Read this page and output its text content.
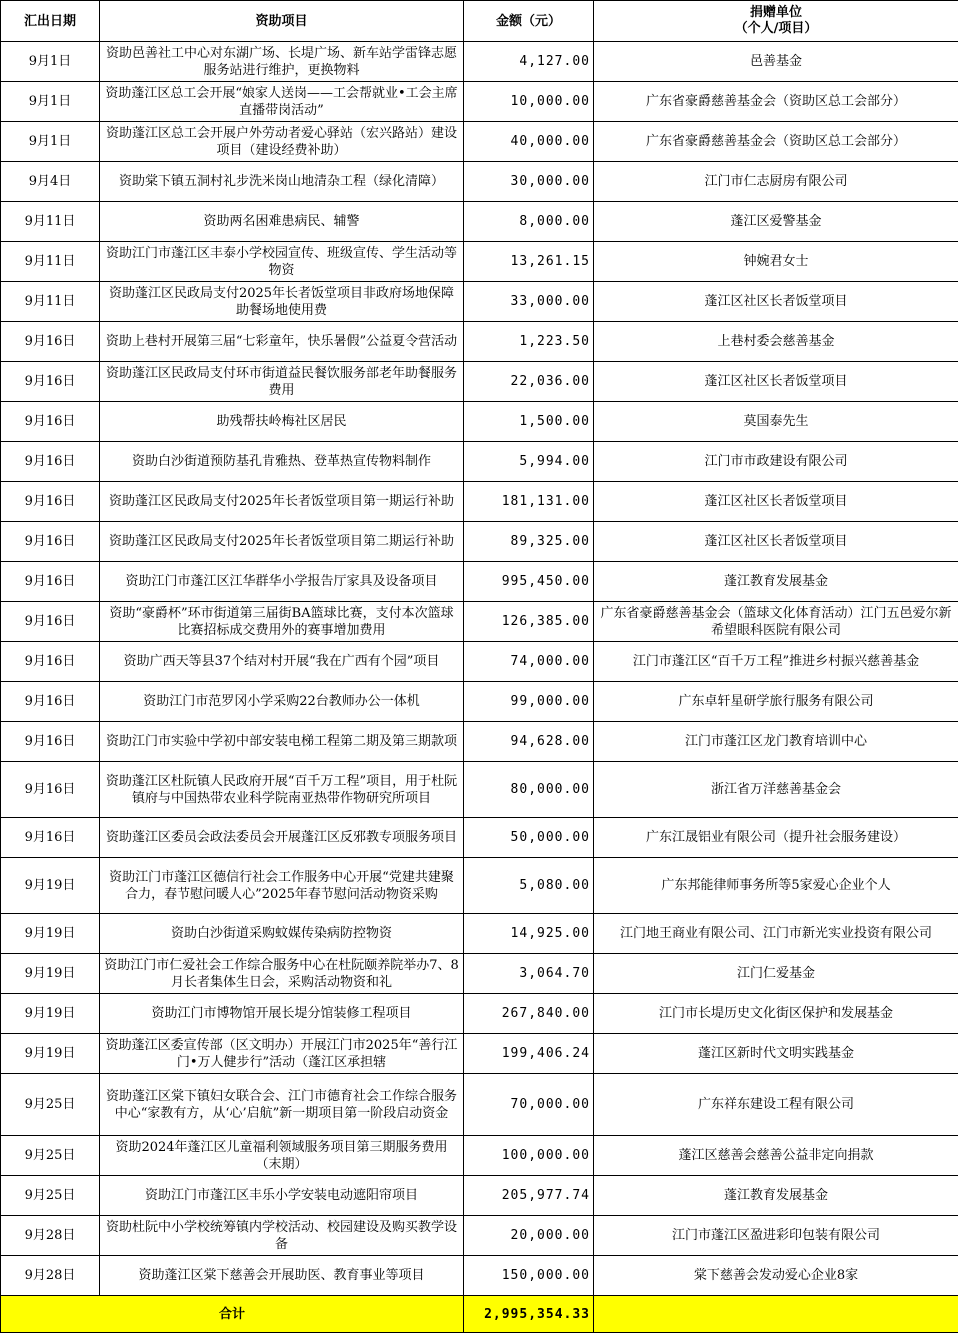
汇出日期	资助项目	金额（元）	捐赠单位
（个人/项目）

9月1日	资助邑善社工中心对东湖广场、长堤广场、新车站学雷锋志愿服务站进行维护，更换物料	4,127.00	邑善基金
9月1日	资助蓬江区总工会开展“娘家人送岗——工会帮就业•工会主席直播带岗活动”	10,000.00	广东省豪爵慈善基金会（资助区总工会部分）
9月1日	资助蓬江区总工会开展户外劳动者爱心驿站（宏兴路站）建设项目（建设经费补助）	40,000.00	广东省豪爵慈善基金会（资助区总工会部分）
9月4日	资助棠下镇五洞村礼步洗米岗山地清杂工程（绿化清障）	30,000.00	江门市仁志厨房有限公司
9月11日	资助两名困难患病民、辅警	8,000.00	蓬江区爱警基金
9月11日	资助江门市蓬江区丰泰小学校园宣传、班级宣传、学生活动等物资	13,261.15	钟婉君女士
9月11日	资助蓬江区民政局支付2025年长者饭堂项目非政府场地保障助餐场地使用费	33,000.00	蓬江区社区长者饭堂项目
9月16日	资助上巷村开展第三届“七彩童年，快乐暑假”公益夏令营活动	1,223.50	上巷村委会慈善基金
9月16日	资助蓬江区民政局支付环市街道益民餐饮服务部老年助餐服务费用	22,036.00	蓬江区社区长者饭堂项目
9月16日	助残帮扶岭梅社区居民	1,500.00	莫国泰先生
9月16日	资助白沙街道预防基孔肯雅热、登革热宣传物料制作	5,994.00	江门市市政建设有限公司
9月16日	资助蓬江区民政局支付2025年长者饭堂项目第一期运行补助	181,131.00	蓬江区社区长者饭堂项目
9月16日	资助蓬江区民政局支付2025年长者饭堂项目第二期运行补助	89,325.00	蓬江区社区长者饭堂项目
9月16日	资助江门市蓬江区江华群华小学报告厅家具及设备项目	995,450.00	蓬江教育发展基金
9月16日	资助“豪爵杯”环市街道第三届街BA篮球比赛，支付本次篮球比赛招标成交费用外的赛事增加费用	126,385.00	广东省豪爵慈善基金会（篮球文化体育活动）江门五邑爱尔新希望眼科医院有限公司
9月16日	资助广西天等县37个结对村开展“我在广西有个园”项目	74,000.00	江门市蓬江区“百千万工程”推进乡村振兴慈善基金
9月16日	资助江门市范罗冈小学采购22台教师办公一体机	99,000.00	广东卓轩星研学旅行服务有限公司
9月16日	资助江门市实验中学初中部安装电梯工程第二期及第三期款项	94,628.00	江门市蓬江区龙门教育培训中心
9月16日	资助蓬江区杜阮镇人民政府开展“百千万工程”项目，用于杜阮镇府与中国热带农业科学院南亚热带作物研究所项目	80,000.00	浙江省万洋慈善基金会
9月16日	资助蓬江区委员会政法委员会开展蓬江区反邪教专项服务项目	50,000.00	广东江晟铝业有限公司（提升社会服务建设）
9月19日	资助江门市蓬江区德信行社会工作服务中心开展“党建共建聚合力，春节慰问暖人心”2025年春节慰问活动物资采购	5,080.00	广东邦能律师事务所等5家爱心企业个人
9月19日	资助白沙街道采购蚊媒传染病防控物资	14,925.00	江门地王商业有限公司、江门市新光实业投资有限公司
9月19日	资助江门市仁爱社会工作综合服务中心在杜阮颐养院举办7、8月长者集体生日会，采购活动物资和礼	3,064.70	江门仁爱基金
9月19日	资助江门市博物馆开展长堤分馆装修工程项目	267,840.00	江门市长堤历史文化街区保护和发展基金
9月19日	资助蓬江区委宣传部（区文明办）开展江门市2025年“善行江门•万人健步行”活动（蓬江区承担辖	199,406.24	蓬江区新时代文明实践基金
9月25日	资助蓬江区棠下镇妇女联合会、江门市德育社会工作综合服务中心“家教有方，从‘心’启航”新一期项目第一阶段启动资金	70,000.00	广东祥东建设工程有限公司
9月25日	资助2024年蓬江区儿童福利领域服务项目第三期服务费用（末期）	100,000.00	蓬江区慈善会慈善公益非定向捐款
9月25日	资助江门市蓬江区丰乐小学安装电动遮阳帘项目	205,977.74	蓬江教育发展基金
9月28日	资助杜阮中小学校统筹镇内学校活动、校园建设及购买教学设备	20,000.00	江门市蓬江区盈进彩印包装有限公司
9月28日	资助蓬江区棠下慈善会开展助医、教育事业等项目	150,000.00	棠下慈善会发动爱心企业8家
合计		2,995,354.33	
